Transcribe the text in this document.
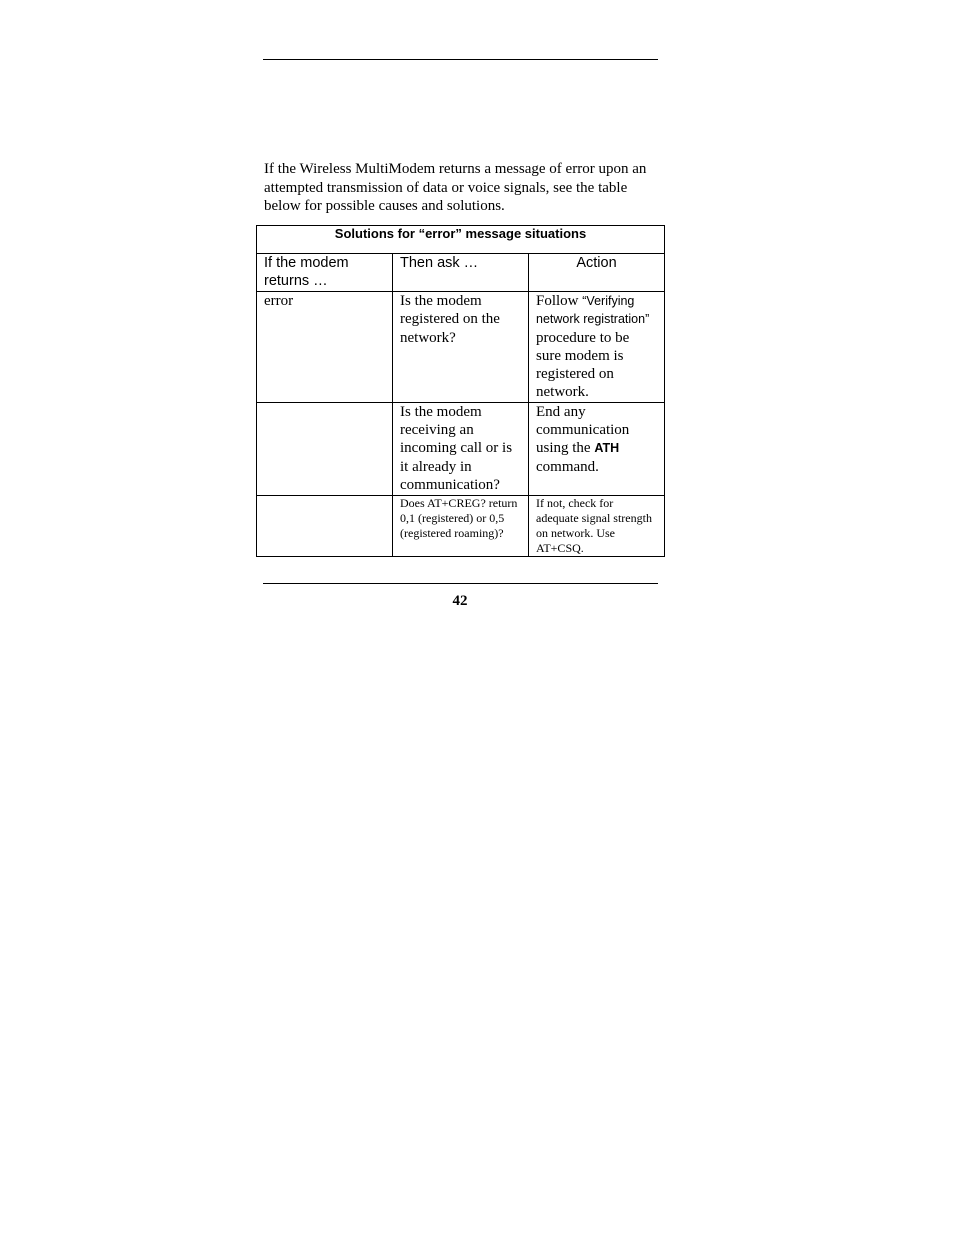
If the Wireless MultiModem returns a message of error upon an attempted transmission of data or voice signals, see the table below for possible causes and solutions.

Solutions for “error” message situations		
If the modem returns …	Then ask …	Action
error	Is the modem registered on the network?	Follow “Verifying network registration” procedure to be sure modem is registered on network.
	Is the modem receiving an incoming call or is it already in communication?	End any communication using the ATH command.
	Does AT+CREG? return 0,1 (registered) or 0,5 (registered roaming)?	If not, check for adequate signal strength on network. Use AT+CSQ.
42
